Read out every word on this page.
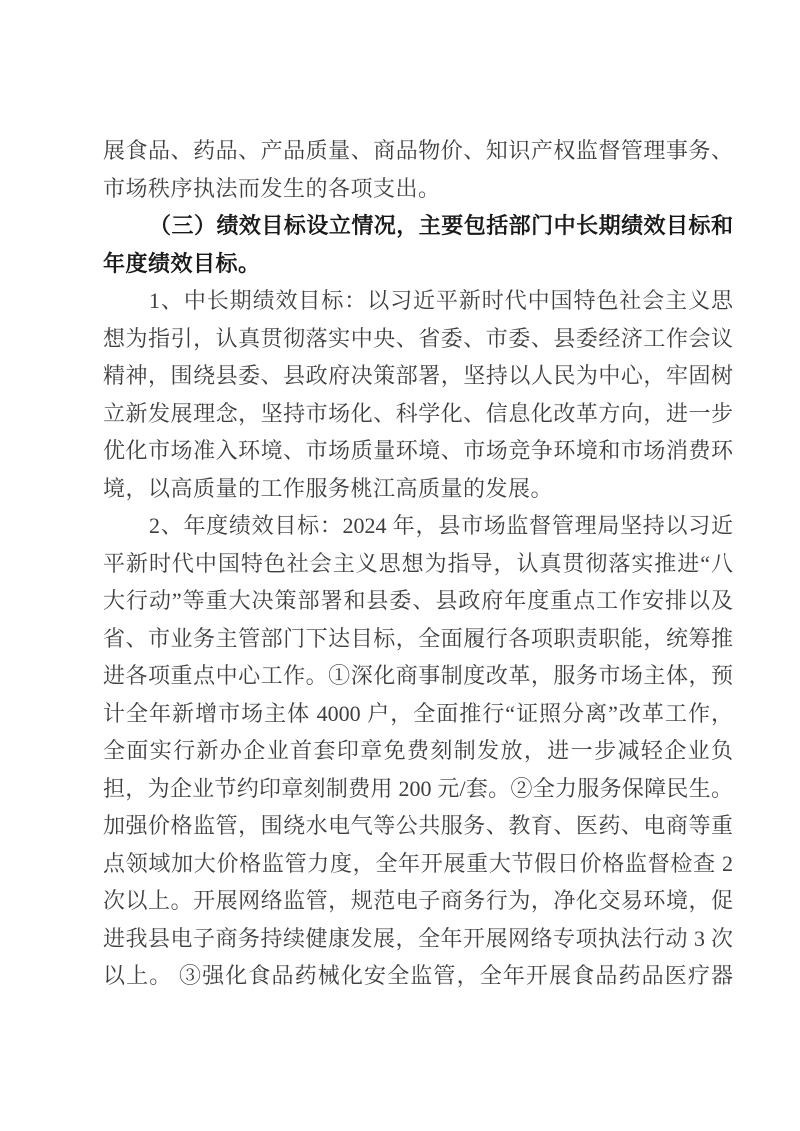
展食品、药品、产品质量、商品物价、知识产权监督管理事务、
市场秩序执法而发生的各项支出。
（三）绩效目标设立情况，主要包括部门中长期绩效目标和
年度绩效目标。
1、中长期绩效目标：以习近平新时代中国特色社会主义思
想为指引，认真贯彻落实中央、省委、市委、县委经济工作会议
精神，围绕县委、县政府决策部署，坚持以人民为中心，牢固树
立新发展理念，坚持市场化、科学化、信息化改革方向，进一步
优化市场准入环境、市场质量环境、市场竞争环境和市场消费环
境，以高质量的工作服务桃江高质量的发展。
2、年度绩效目标：2024 年，县市场监督管理局坚持以习近
平新时代中国特色社会主义思想为指导，认真贯彻落实推进“八
大行动”等重大决策部署和县委、县政府年度重点工作安排以及
省、市业务主管部门下达目标，全面履行各项职责职能，统筹推
进各项重点中心工作。①深化商事制度改革，服务市场主体，预
计全年新增市场主体 4000 户，全面推行“证照分离”改革工作，
全面实行新办企业首套印章免费刻制发放，进一步减轻企业负
担，为企业节约印章刻制费用 200 元/套。②全力服务保障民生。
加强价格监管，围绕水电气等公共服务、教育、医药、电商等重
点领域加大价格监管力度，全年开展重大节假日价格监督检查 2
次以上。开展网络监管，规范电子商务行为，净化交易环境，促
进我县电子商务持续健康发展，全年开展网络专项执法行动 3 次
以上。 ③强化食品药械化安全监管，全年开展食品药品医疗器
